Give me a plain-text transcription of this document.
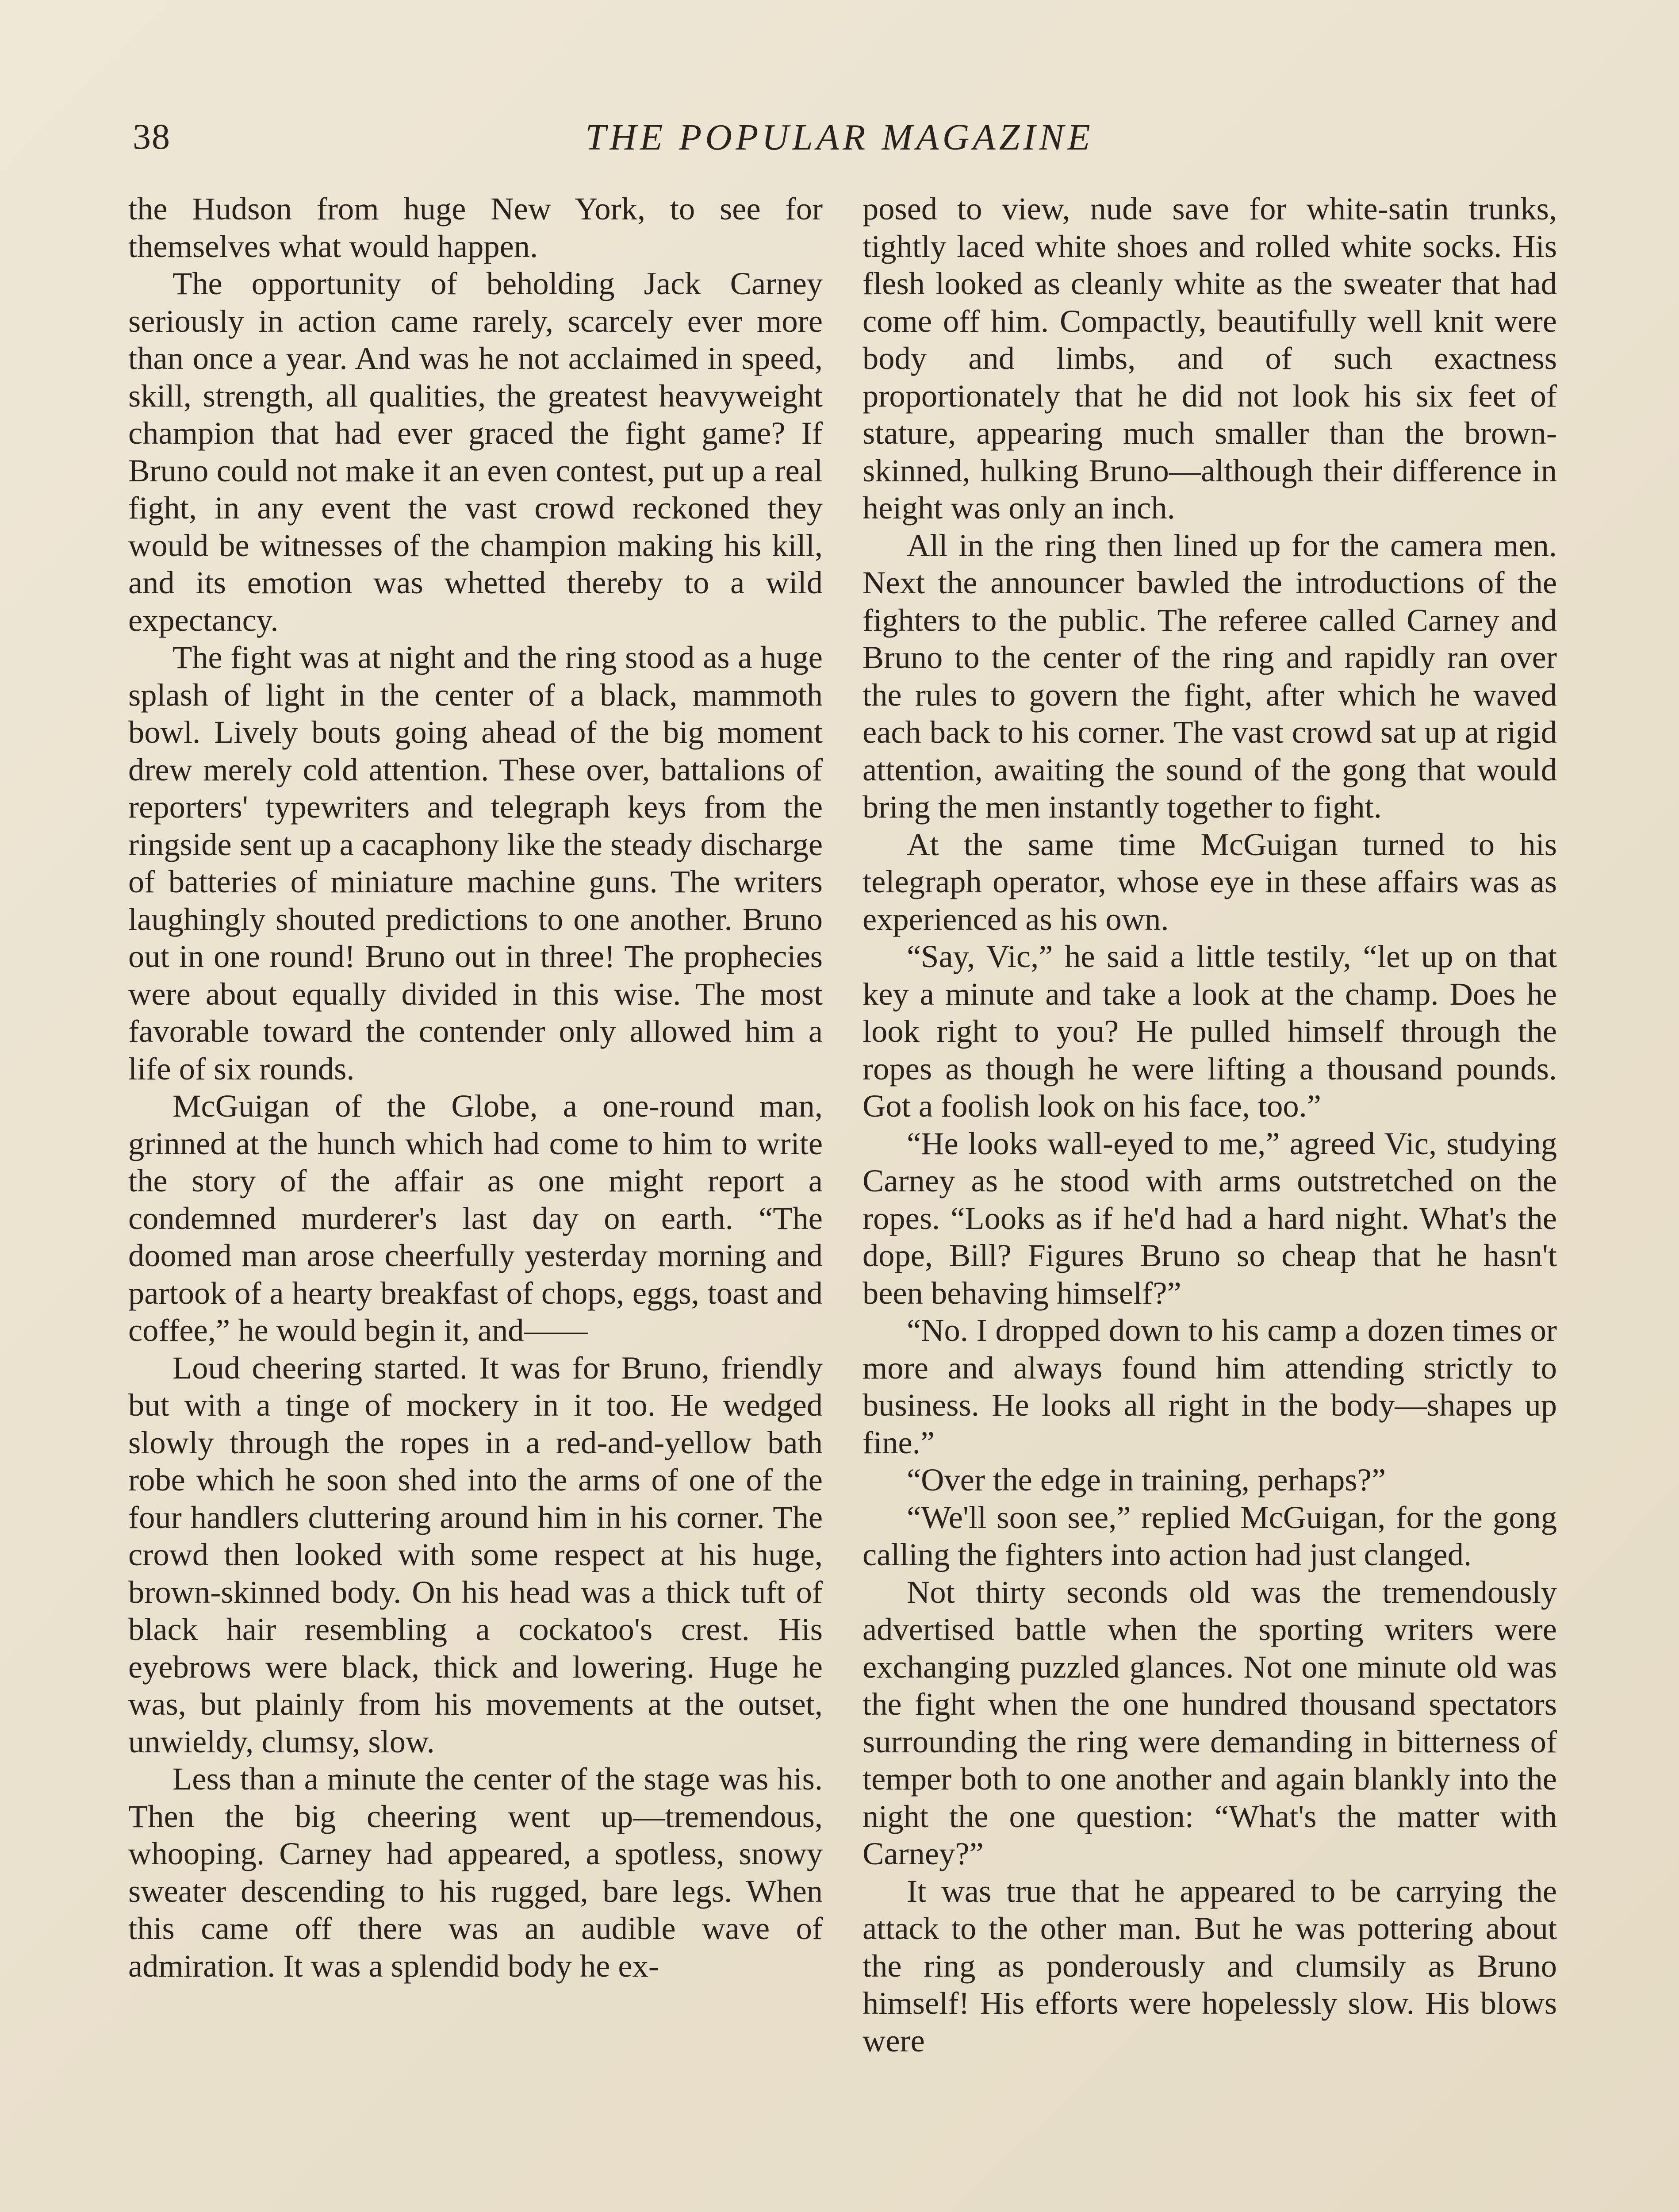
38	THE POPULAR MAGAZINE

the Hudson from huge New York, to see for themselves what would happen.

The opportunity of beholding Jack Carney seriously in action came rarely, scarcely ever more than once a year. And was he not acclaimed in speed, skill, strength, all qualities, the greatest heavyweight champion that had ever graced the fight game? If Bruno could not make it an even contest, put up a real fight, in any event the vast crowd reckoned they would be witnesses of the champion making his kill, and its emotion was whetted thereby to a wild expectancy.

The fight was at night and the ring stood as a huge splash of light in the center of a black, mammoth bowl. Lively bouts going ahead of the big moment drew merely cold attention. These over, battalions of reporters' typewriters and telegraph keys from the ringside sent up a cacaphony like the steady discharge of batteries of miniature machine guns. The writers laughingly shouted predictions to one another. Bruno out in one round! Bruno out in three! The prophecies were about equally divided in this wise. The most favorable toward the contender only allowed him a life of six rounds.

McGuigan of the Globe, a one-round man, grinned at the hunch which had come to him to write the story of the affair as one might report a condemned murderer's last day on earth. “The doomed man arose cheerfully yesterday morning and partook of a hearty breakfast of chops, eggs, toast and coffee,” he would begin it, and——

Loud cheering started. It was for Bruno, friendly but with a tinge of mockery in it too. He wedged slowly through the ropes in a red-and-yellow bath robe which he soon shed into the arms of one of the four handlers cluttering around him in his corner. The crowd then looked with some respect at his huge, brown-skinned body. On his head was a thick tuft of black hair resembling a cockatoo's crest. His eyebrows were black, thick and lowering. Huge he was, but plainly from his movements at the outset, unwieldy, clumsy, slow.

Less than a minute the center of the stage was his. Then the big cheering went up—tremendous, whooping. Carney had appeared, a spotless, snowy sweater descending to his rugged, bare legs. When this came off there was an audible wave of admiration. It was a splendid body he ex-

posed to view, nude save for white-satin trunks, tightly laced white shoes and rolled white socks. His flesh looked as cleanly white as the sweater that had come off him. Compactly, beautifully well knit were body and limbs, and of such exactness proportionately that he did not look his six feet of stature, appearing much smaller than the brown-skinned, hulking Bruno—although their difference in height was only an inch.

All in the ring then lined up for the camera men. Next the announcer bawled the introductions of the fighters to the public. The referee called Carney and Bruno to the center of the ring and rapidly ran over the rules to govern the fight, after which he waved each back to his corner. The vast crowd sat up at rigid attention, awaiting the sound of the gong that would bring the men instantly together to fight.

At the same time McGuigan turned to his telegraph operator, whose eye in these affairs was as experienced as his own.

“Say, Vic,” he said a little testily, “let up on that key a minute and take a look at the champ. Does he look right to you? He pulled himself through the ropes as though he were lifting a thousand pounds. Got a foolish look on his face, too.”

“He looks wall-eyed to me,” agreed Vic, studying Carney as he stood with arms outstretched on the ropes. “Looks as if he'd had a hard night. What's the dope, Bill? Figures Bruno so cheap that he hasn't been behaving himself?”

“No. I dropped down to his camp a dozen times or more and always found him attending strictly to business. He looks all right in the body—shapes up fine.”

“Over the edge in training, perhaps?”

“We'll soon see,” replied McGuigan, for the gong calling the fighters into action had just clanged.

Not thirty seconds old was the tremendously advertised battle when the sporting writers were exchanging puzzled glances. Not one minute old was the fight when the one hundred thousand spectators surrounding the ring were demanding in bitterness of temper both to one another and again blankly into the night the one question: “What's the matter with Carney?”

It was true that he appeared to be carrying the attack to the other man. But he was pottering about the ring as ponderously and clumsily as Bruno himself! His efforts were hopelessly slow. His blows were
